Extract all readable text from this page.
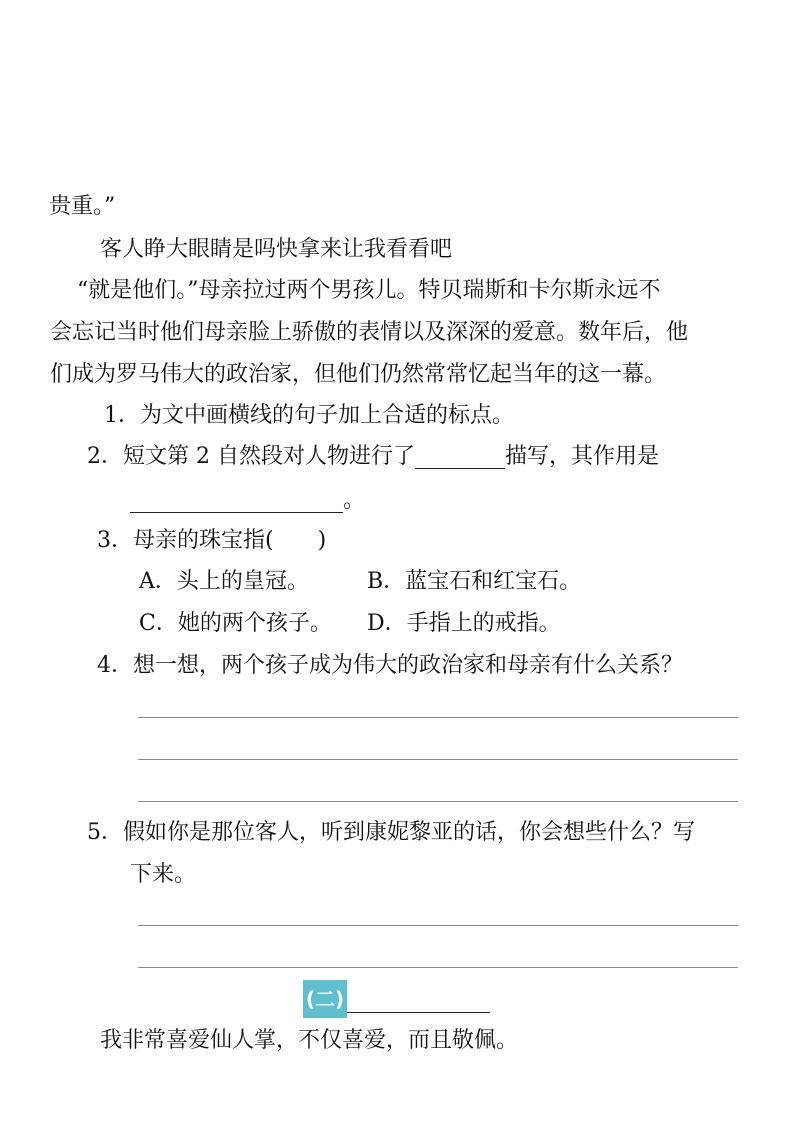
贵重。”
客人睁大眼睛是吗快拿来让我看看吧
“就是他们。”母亲拉过两个男孩儿。特贝瑞斯和卡尔斯永远不
会忘记当时他们母亲脸上骄傲的表情以及深深的爱意。数年后，他
们成为罗马伟大的政治家，但他们仍然常常忆起当年的这一幕。
1．为文中画横线的句子加上合适的标点。
2．短文第 2 自然段对人物进行了	描写，其作用是
。
3．母亲的珠宝指(　　)
A．头上的皇冠。	B．蓝宝石和红宝石。
C．她的两个孩子。 D．手指上的戒指。
4．想一想，两个孩子成为伟大的政治家和母亲有什么关系？
5．假如你是那位客人，听到康妮黎亚的话，你会想些什么？写
下来。
(二)
我非常喜爱仙人掌，不仅喜爱，而且敬佩。
